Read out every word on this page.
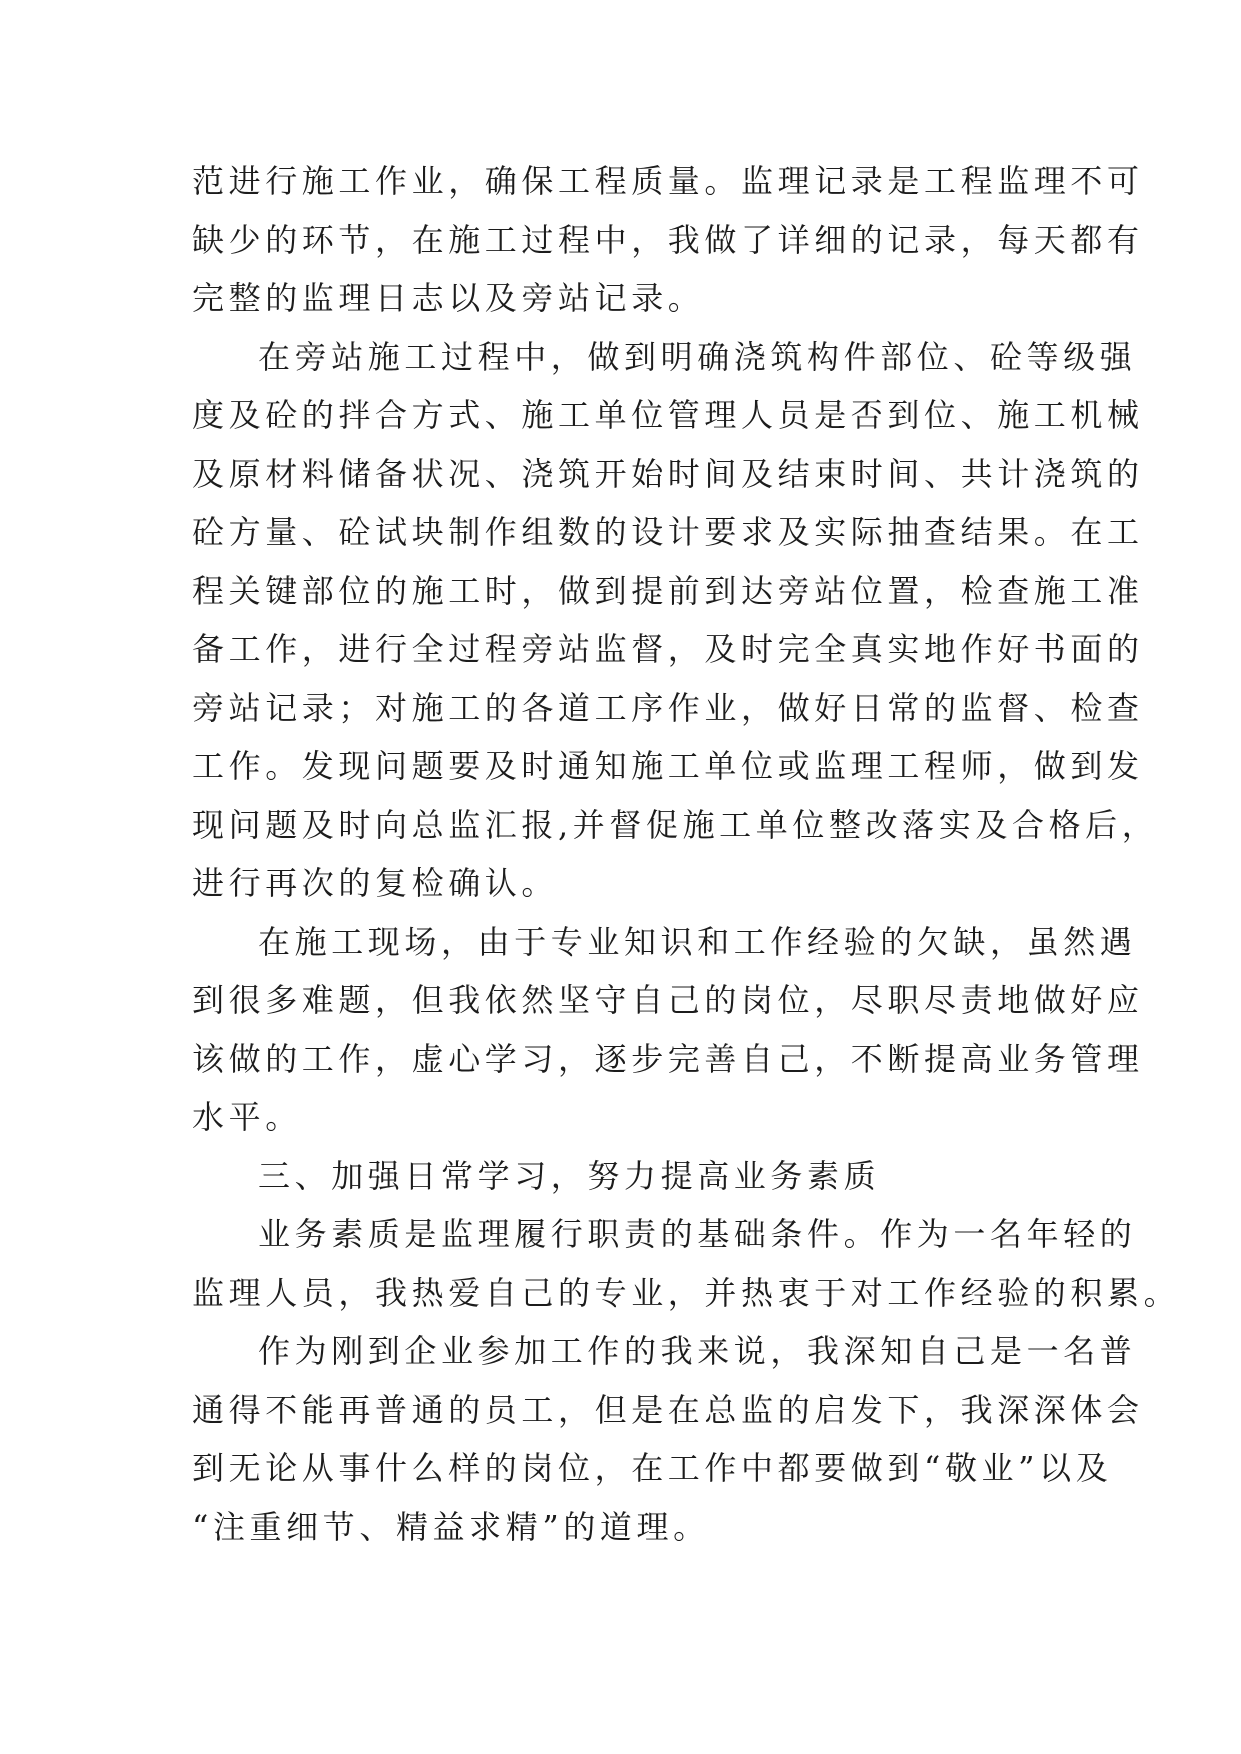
范进行施工作业，确保工程质量。监理记录是工程监理不可
缺少的环节，在施工过程中，我做了详细的记录，每天都有
完整的监理日志以及旁站记录。
在旁站施工过程中，做到明确浇筑构件部位、砼等级强
度及砼的拌合方式、施工单位管理人员是否到位、施工机械
及原材料储备状况、浇筑开始时间及结束时间、共计浇筑的
砼方量、砼试块制作组数的设计要求及实际抽查结果。在工
程关键部位的施工时，做到提前到达旁站位置，检查施工准
备工作，进行全过程旁站监督，及时完全真实地作好书面的
旁站记录；对施工的各道工序作业，做好日常的监督、检查
工作。发现问题要及时通知施工单位或监理工程师，做到发
现问题及时向总监汇报,并督促施工单位整改落实及合格后，
进行再次的复检确认。
在施工现场，由于专业知识和工作经验的欠缺，虽然遇
到很多难题，但我依然坚守自己的岗位，尽职尽责地做好应
该做的工作，虚心学习，逐步完善自己，不断提高业务管理
水平。
三、加强日常学习，努力提高业务素质
业务素质是监理履行职责的基础条件。作为一名年轻的
监理人员，我热爱自己的专业，并热衷于对工作经验的积累。
作为刚到企业参加工作的我来说，我深知自己是一名普
通得不能再普通的员工，但是在总监的启发下，我深深体会
到无论从事什么样的岗位，在工作中都要做到“敬业”以及
“注重细节、精益求精”的道理。
